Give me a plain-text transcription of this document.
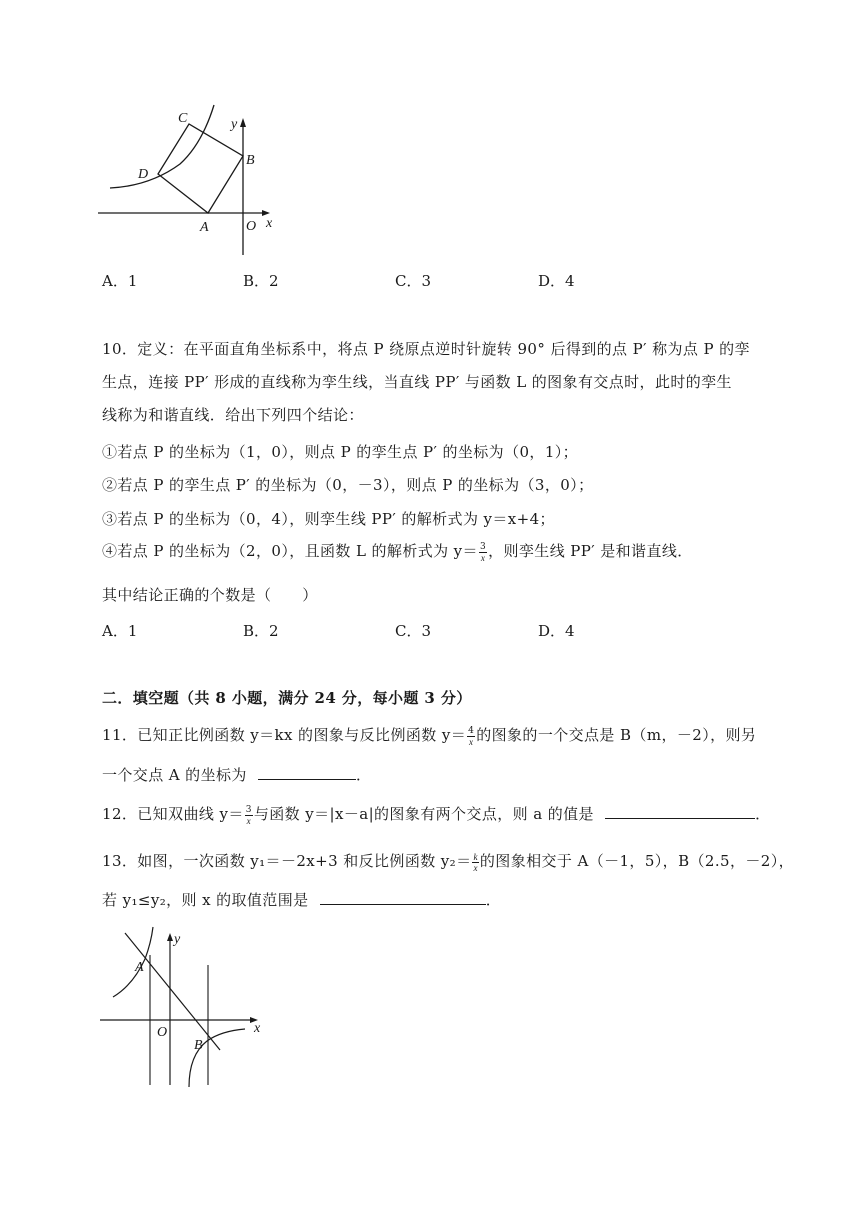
C	y
B
D
A	O x
A．1	B．2	C．3	D．4
10．定义：在平面直角坐标系中，将点 P 绕原点逆时针旋转 90° 后得到的点 P′ 称为点 P 的孪
生点，连接 PP′ 形成的直线称为孪生线，当直线 PP′ 与函数 L 的图象有交点时，此时的孪生
线称为和谐直线．给出下列四个结论：
①若点 P 的坐标为（1，0），则点 P 的孪生点 P′ 的坐标为（0，1）；
②若点 P 的孪生点 P′ 的坐标为（0，－3），则点 P 的坐标为（3，0）；
③若点 P 的坐标为（0，4），则孪生线 PP′ 的解析式为 y＝x+4；
④若点 P 的坐标为（2，0），且函数 L 的解析式为 $y= \frac{3}{x}$ ，则孪生线 PP′ 是和谐直线．
其中结论正确的个数是（　　）
A．1	B．2	C．3	D．4
二．填空题（共 8 小题，满分 24 分，每小题 3 分）
11．已知正比例函数 y＝kx 的图象与反比例函数 $y= \frac{4}{x}$ 的图象的一个交点是 B（m，－2），则另
一个交点 A 的坐标为	．
12．已知双曲线 $y= \frac{3}{x}$ 与函数 y＝|x－a|的图象有两个交点，则 a 的值是	．
13．如图，一次函数 y₁＝－2x+3 和反比例函数 $y_2= \frac{k}{x}$ 的图象相交于 A（－1，5），B（2.5，－2），
若 y₁≤y₂，则 x 的取值范围是	．
y
A
O	x
B
